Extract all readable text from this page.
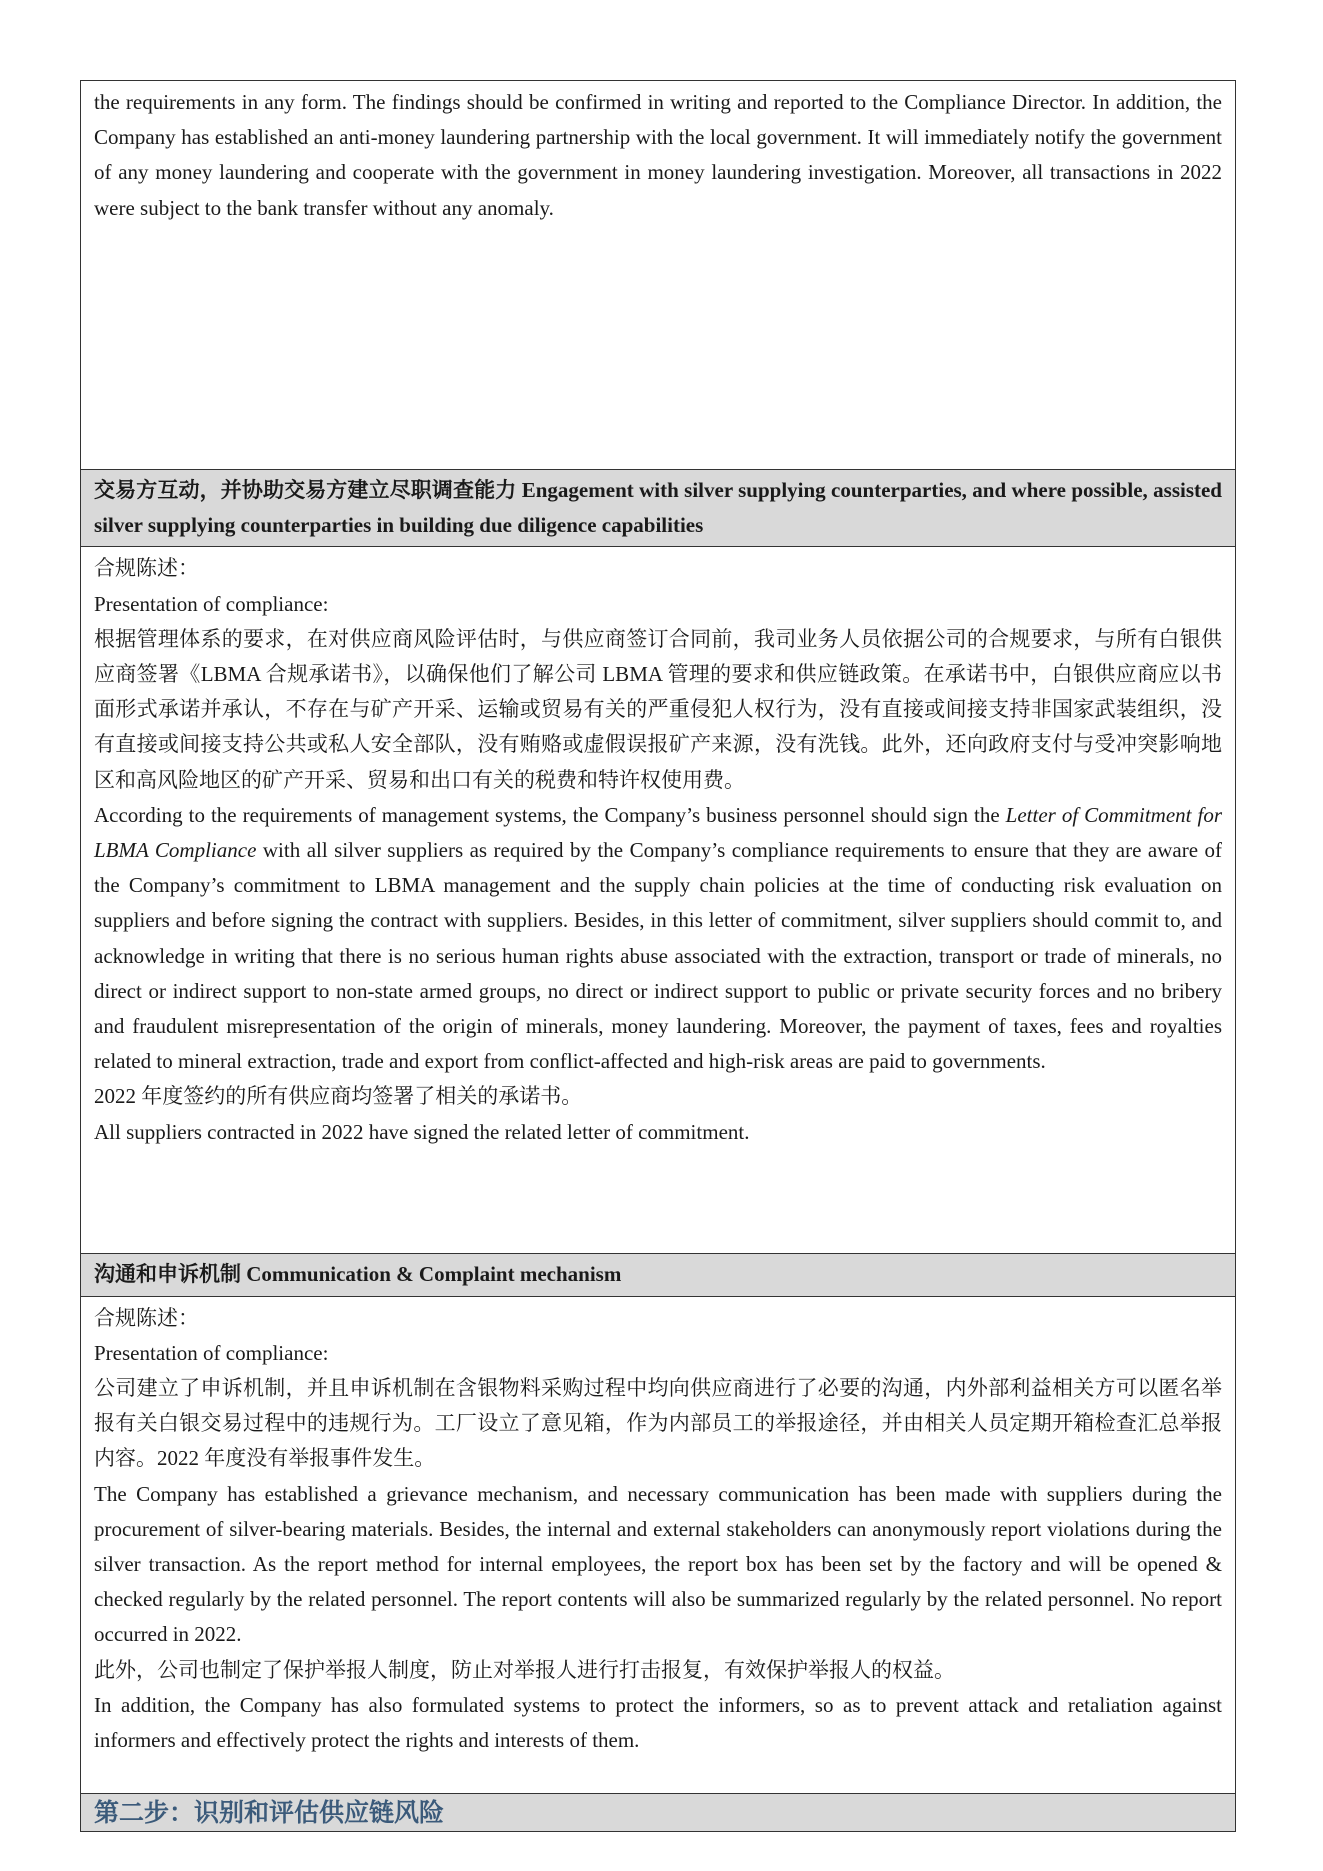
the requirements in any form. The findings should be confirmed in writing and reported to the Compliance Director. In addition, the Company has established an anti-money laundering partnership with the local government. It will immediately notify the government of any money laundering and cooperate with the government in money laundering investigation. Moreover, all transactions in 2022 were subject to the bank transfer without any anomaly.

交易方互动，并协助交易方建立尽职调查能力 Engagement with silver supplying counterparties, and where possible, assisted silver supplying counterparties in building due diligence capabilities

合规陈述：

Presentation of compliance:

根据管理体系的要求，在对供应商风险评估时，与供应商签订合同前，我司业务人员依据公司的合规要求，与所有白银供应商签署《LBMA 合规承诺书》，以确保他们了解公司 LBMA 管理的要求和供应链政策。在承诺书中，白银供应商应以书面形式承诺并承认，不存在与矿产开采、运输或贸易有关的严重侵犯人权行为，没有直接或间接支持非国家武装组织，没有直接或间接支持公共或私人安全部队，没有贿赂或虚假误报矿产来源，没有洗钱。此外，还向政府支付与受冲突影响地区和高风险地区的矿产开采、贸易和出口有关的税费和特许权使用费。

According to the requirements of management systems, the Company’s business personnel should sign the Letter of Commitment for LBMA Compliance with all silver suppliers as required by the Company’s compliance requirements to ensure that they are aware of the Company’s commitment to LBMA management and the supply chain policies at the time of conducting risk evaluation on suppliers and before signing the contract with suppliers. Besides, in this letter of commitment, silver suppliers should commit to, and acknowledge in writing that there is no serious human rights abuse associated with the extraction, transport or trade of minerals, no direct or indirect support to non-state armed groups, no direct or indirect support to public or private security forces and no bribery and fraudulent misrepresentation of the origin of minerals, money laundering. Moreover, the payment of taxes, fees and royalties related to mineral extraction, trade and export from conflict-affected and high-risk areas are paid to governments.

2022 年度签约的所有供应商均签署了相关的承诺书。

All suppliers contracted in 2022 have signed the related letter of commitment.

沟通和申诉机制 Communication & Complaint mechanism

合规陈述：

Presentation of compliance:

公司建立了申诉机制，并且申诉机制在含银物料采购过程中均向供应商进行了必要的沟通，内外部利益相关方可以匿名举报有关白银交易过程中的违规行为。工厂设立了意见箱，作为内部员工的举报途径，并由相关人员定期开箱检查汇总举报内容。2022 年度没有举报事件发生。

The Company has established a grievance mechanism, and necessary communication has been made with suppliers during the procurement of silver-bearing materials. Besides, the internal and external stakeholders can anonymously report violations during the silver transaction. As the report method for internal employees, the report box has been set by the factory and will be opened & checked regularly by the related personnel. The report contents will also be summarized regularly by the related personnel. No report occurred in 2022.

此外，公司也制定了保护举报人制度，防止对举报人进行打击报复，有效保护举报人的权益。

In addition, the Company has also formulated systems to protect the informers, so as to prevent attack and retaliation against informers and effectively protect the rights and interests of them.

第二步：识别和评估供应链风险
